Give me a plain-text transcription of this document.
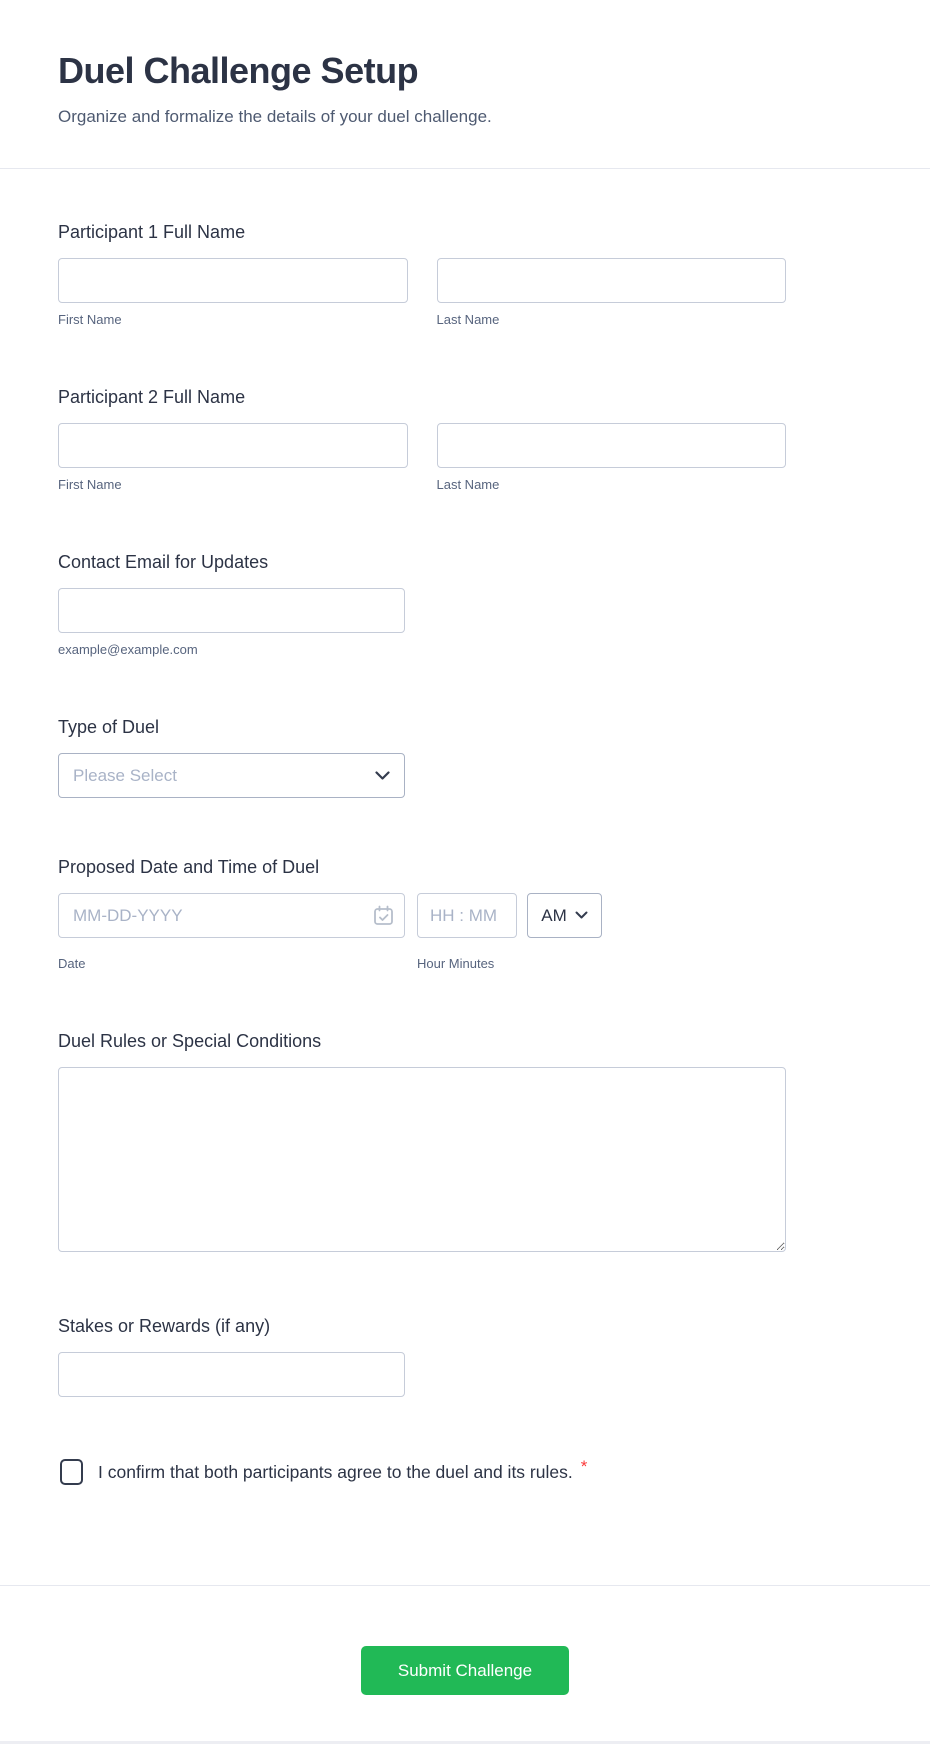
Duel Challenge Setup

Organize and formalize the details of your duel challenge.

Participant 1 Full Name
First Name	Last Name
Participant 2 Full Name
First Name	Last Name
Contact Email for Updates
example@example.com
Type of Duel
Please Select
Proposed Date and Time of Duel
MM-DD-YYYY
HH : MM
AM
Date	Hour Minutes
Duel Rules or Special Conditions
Stakes or Rewards (if any)
I confirm that both participants agree to the duel and its rules. *
Submit Challenge
